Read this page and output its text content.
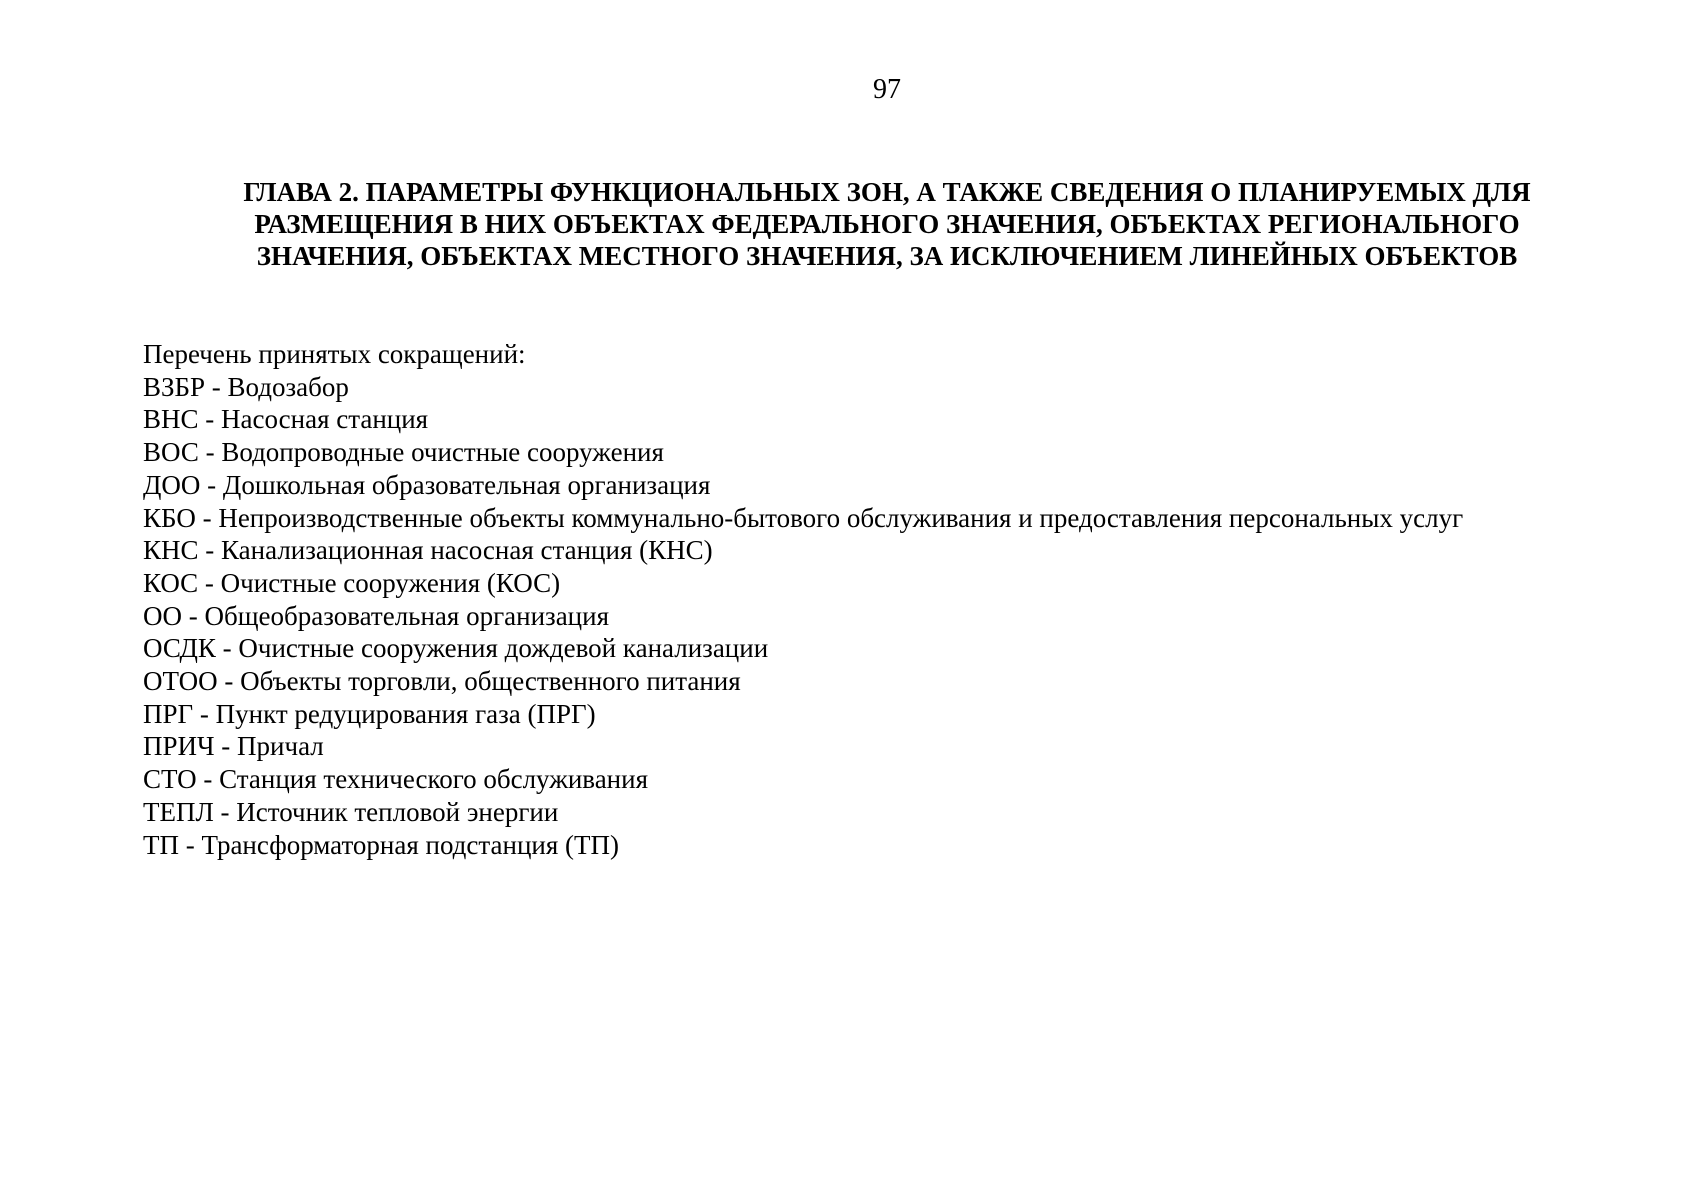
97
ГЛАВА 2. ПАРАМЕТРЫ ФУНКЦИОНАЛЬНЫХ ЗОН, А ТАКЖЕ СВЕДЕНИЯ О ПЛАНИРУЕМЫХ ДЛЯ
РАЗМЕЩЕНИЯ В НИХ ОБЪЕКТАХ ФЕДЕРАЛЬНОГО ЗНАЧЕНИЯ, ОБЪЕКТАХ РЕГИОНАЛЬНОГО
ЗНАЧЕНИЯ, ОБЪЕКТАХ МЕСТНОГО ЗНАЧЕНИЯ, ЗА ИСКЛЮЧЕНИЕМ ЛИНЕЙНЫХ ОБЪЕКТОВ

Перечень принятых сокращений:

ВЗБР - Водозабор
ВНС - Насосная станция
ВОС - Водопроводные очистные сооружения
ДОО - Дошкольная образовательная организация
КБО - Непроизводственные объекты коммунально-бытового обслуживания и предоставления персональных услуг
КНС - Канализационная насосная станция (КНС)
КОС - Очистные сооружения (КОС)
ОО - Общеобразовательная организация
ОСДК - Очистные сооружения дождевой канализации
ОТОО - Объекты торговли, общественного питания
ПРГ - Пункт редуцирования газа (ПРГ)
ПРИЧ - Причал
СТО - Станция технического обслуживания
ТЕПЛ - Источник тепловой энергии
ТП - Трансформаторная подстанция (ТП)
